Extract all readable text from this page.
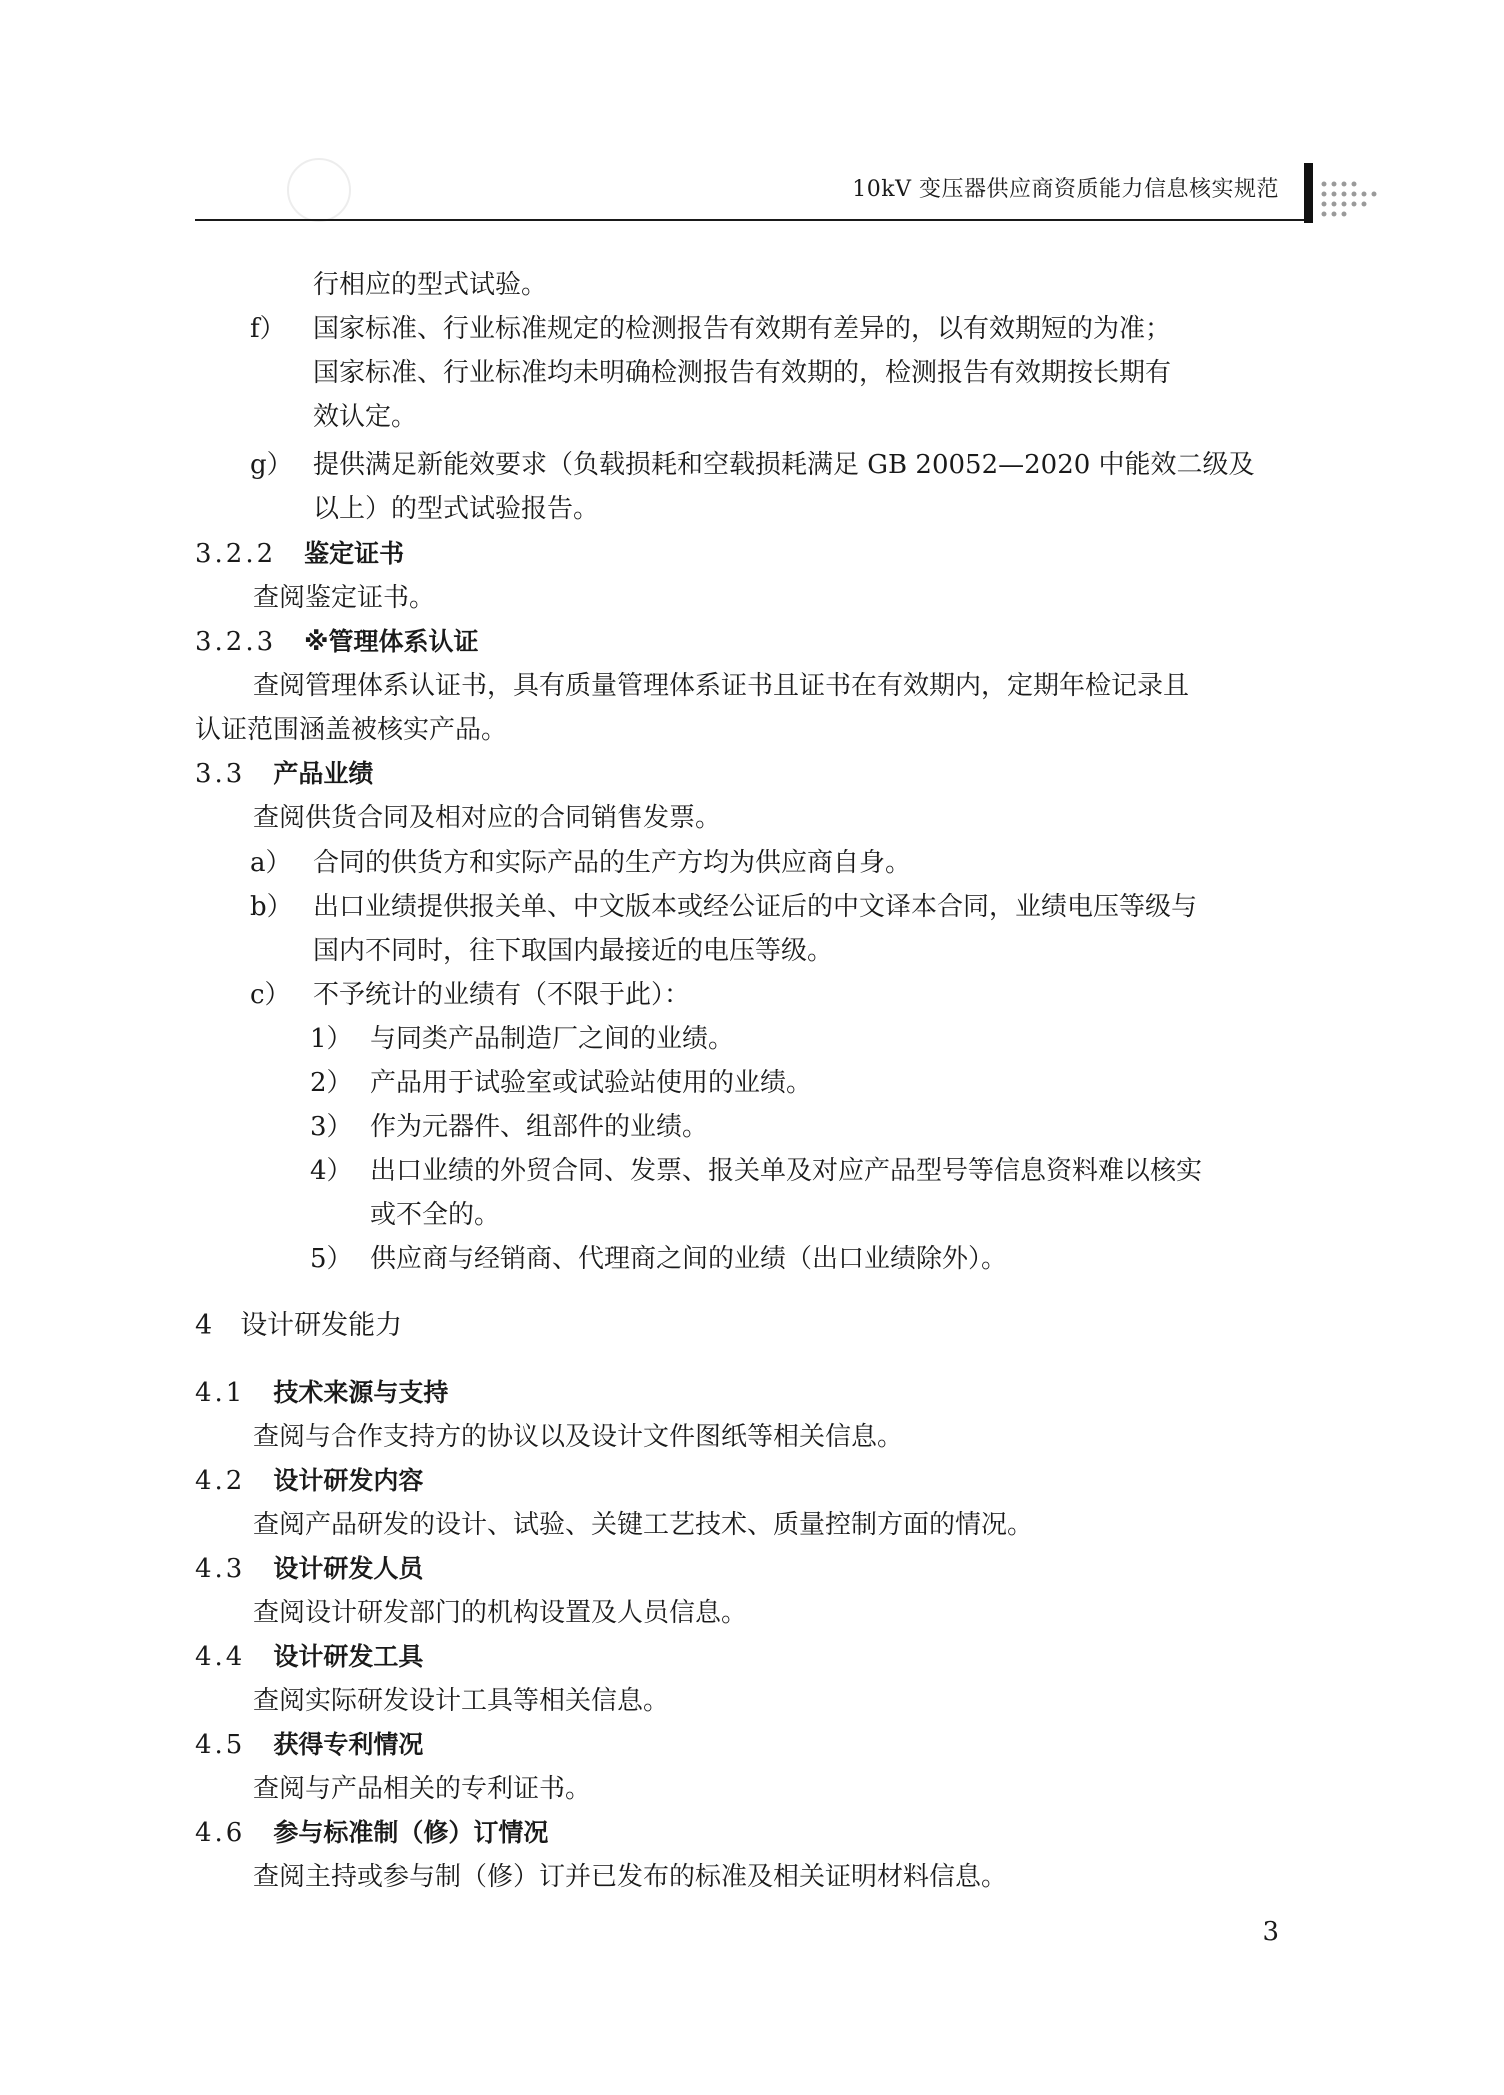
10kV 变压器供应商资质能力信息核实规范
行相应的型式试验。
f） 国家标准、行业标准规定的检测报告有效期有差异的，以有效期短的为准；
国家标准、行业标准均未明确检测报告有效期的，检测报告有效期按长期有
效认定。
g） 提供满足新能效要求（负载损耗和空载损耗满足 GB 20052—2020 中能效二级及
以上）的型式试验报告。
3.2.2 鉴定证书
查阅鉴定证书。
3.2.3 ※管理体系认证
查阅管理体系认证书，具有质量管理体系证书且证书在有效期内，定期年检记录且
认证范围涵盖被核实产品。
3.3 产品业绩
查阅供货合同及相对应的合同销售发票。
a） 合同的供货方和实际产品的生产方均为供应商自身。
b） 出口业绩提供报关单、中文版本或经公证后的中文译本合同，业绩电压等级与
国内不同时，往下取国内最接近的电压等级。
c） 不予统计的业绩有（不限于此）：
1） 与同类产品制造厂之间的业绩。
2） 产品用于试验室或试验站使用的业绩。
3） 作为元器件、组部件的业绩。
4） 出口业绩的外贸合同、发票、报关单及对应产品型号等信息资料难以核实
或不全的。
5） 供应商与经销商、代理商之间的业绩（出口业绩除外）。
4 设计研发能力
4.1 技术来源与支持
查阅与合作支持方的协议以及设计文件图纸等相关信息。
4.2 设计研发内容
查阅产品研发的设计、试验、关键工艺技术、质量控制方面的情况。
4.3 设计研发人员
查阅设计研发部门的机构设置及人员信息。
4.4 设计研发工具
查阅实际研发设计工具等相关信息。
4.5 获得专利情况
查阅与产品相关的专利证书。
4.6 参与标准制（修）订情况
查阅主持或参与制（修）订并已发布的标准及相关证明材料信息。
3
